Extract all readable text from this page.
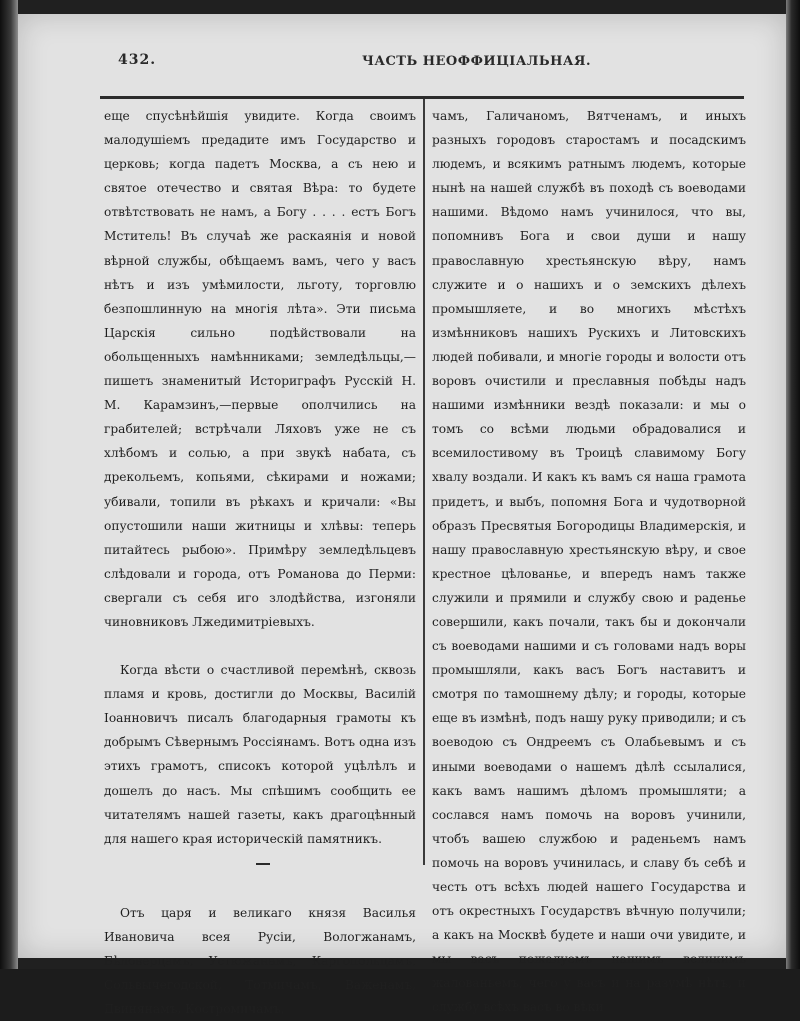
432.	ЧАСТЬ НЕОФФИЦІАЛЬНАЯ.

еще спусѣнѣйшія увидите. Когда своимъ малодушіемъ предадите имъ Государство и церковь; когда падетъ Москва, а съ нею и святое отечество и святая Вѣра: то будете отвѣтствовать не намъ, а Богу . . . . естъ Богъ Мститель! Въ случаѣ же раскаянія и новой вѣрной службы, обѣщаемъ вамъ, чего у васъ нѣтъ и изъ умѣмилости, льготу, торговлю безпошлинную на многія лѣта». Эти письма Царскія сильно подѣйствовали на обольщенныхъ намѣнниками; земледѣльцы,— пишетъ знаменитый Историграфъ Русскій Н. М. Карамзинъ,—первые ополчились на грабителей; встрѣчали Ляховъ уже не съ хлѣбомъ и солью, а при звукѣ набата, съ дрекольемъ, копьями, сѣкирами и ножами; убивали, топили въ рѣкахъ и кричали: «Вы опустошили наши житницы и хлѣвы: теперь питайтесь рыбою». Примѣру земледѣльцевъ слѣдовали и города, отъ Романова до Перми: свергали съ себя иго злодѣйства, изгоняли чиновниковъ Лжедимитріевыхъ.

Когда вѣсти о счастливой перемѣнѣ, сквозь пламя и кровь, достигли до Москвы, Василій Іоанновичъ писалъ благодарныя грамоты къ добрымъ Сѣвернымъ Россіянамъ. Вотъ одна изъ этихъ грамотъ, списокъ которой уцѣлѣлъ и дошелъ до насъ. Мы спѣшимъ сообщить ее читателямъ нашей газеты, какъ драгоцѣнный для нашего края историческій памятникъ.

Отъ царя и великаго князя Василья Ивановича всея Русіи, Вологжанамъ, Бѣловерцамъ, Устюжанамъ, Каргопольцамъ, Сольвычегодской, Тотмичамъ, Важенамъ, Двинянамъ, Костромичамъ,

чамъ, Галичаномъ, Вятченамъ, и иныхъ разныхъ городовъ старостамъ и посадскимъ людемъ, и всякимъ ратнымъ людемъ, которые нынѣ на нашей службѣ въ походѣ съ воеводами нашими. Вѣдомо намъ учинилося, что вы, попомнивъ Бога и свои души и нашу православную хрестьянскую вѣру, намъ служите и о нашихъ и о земскихъ дѣлехъ промышляете, и во многихъ мѣстѣхъ измѣнниковъ нашихъ Рускихъ и Литовскихъ людей побивали, и многіе городы и волости отъ воровъ очистили и преславныя побѣды надъ нашими измѣнники вездѣ показали: и мы о томъ со всѣми людьми обрадовалися и всемилостивому въ Троицѣ славимому Богу хвалу воздали. И какъ къ вамъ ся наша грамота придетъ, и выбъ, попомня Бога и чудотворной образъ Пресвятыя Богородицы Владимерскія, и нашу православную хрестьянскую вѣру, и свое крестное цѣлованье, и впередъ намъ также служили и прямили и службу свою и раденье совершили, какъ почали, такъ бы и докончали съ воеводами нашими и съ головами надъ воры промышляли, какъ васъ Богъ наставитъ и смотря по тамошнему дѣлу; и городы, которые еще въ измѣнѣ, подъ нашу руку приводили; и съ воеводою съ Ондреемъ съ Олабьевымъ и съ иными воеводами о нашемъ дѣлѣ ссылалися, какъ вамъ нашимъ дѣломъ промышляти; а сослався намъ помочь на воровъ учинили, чтобъ вашею службою и раденьемъ намъ помочь на воровъ учинилась, и славу бъ себѣ и честь отъ всѣхъ людей нашего Государства и отъ окрестныхъ Государствъ вѣчную получили; а какъ на Москвѣ будете и наши очи увидите, и мы васъ пожалуемъ нашимъ великимъ жалованьемъ, чего у васъ и на разумѣ нѣтъ, и службу всѣхъ васъ во вѣки
